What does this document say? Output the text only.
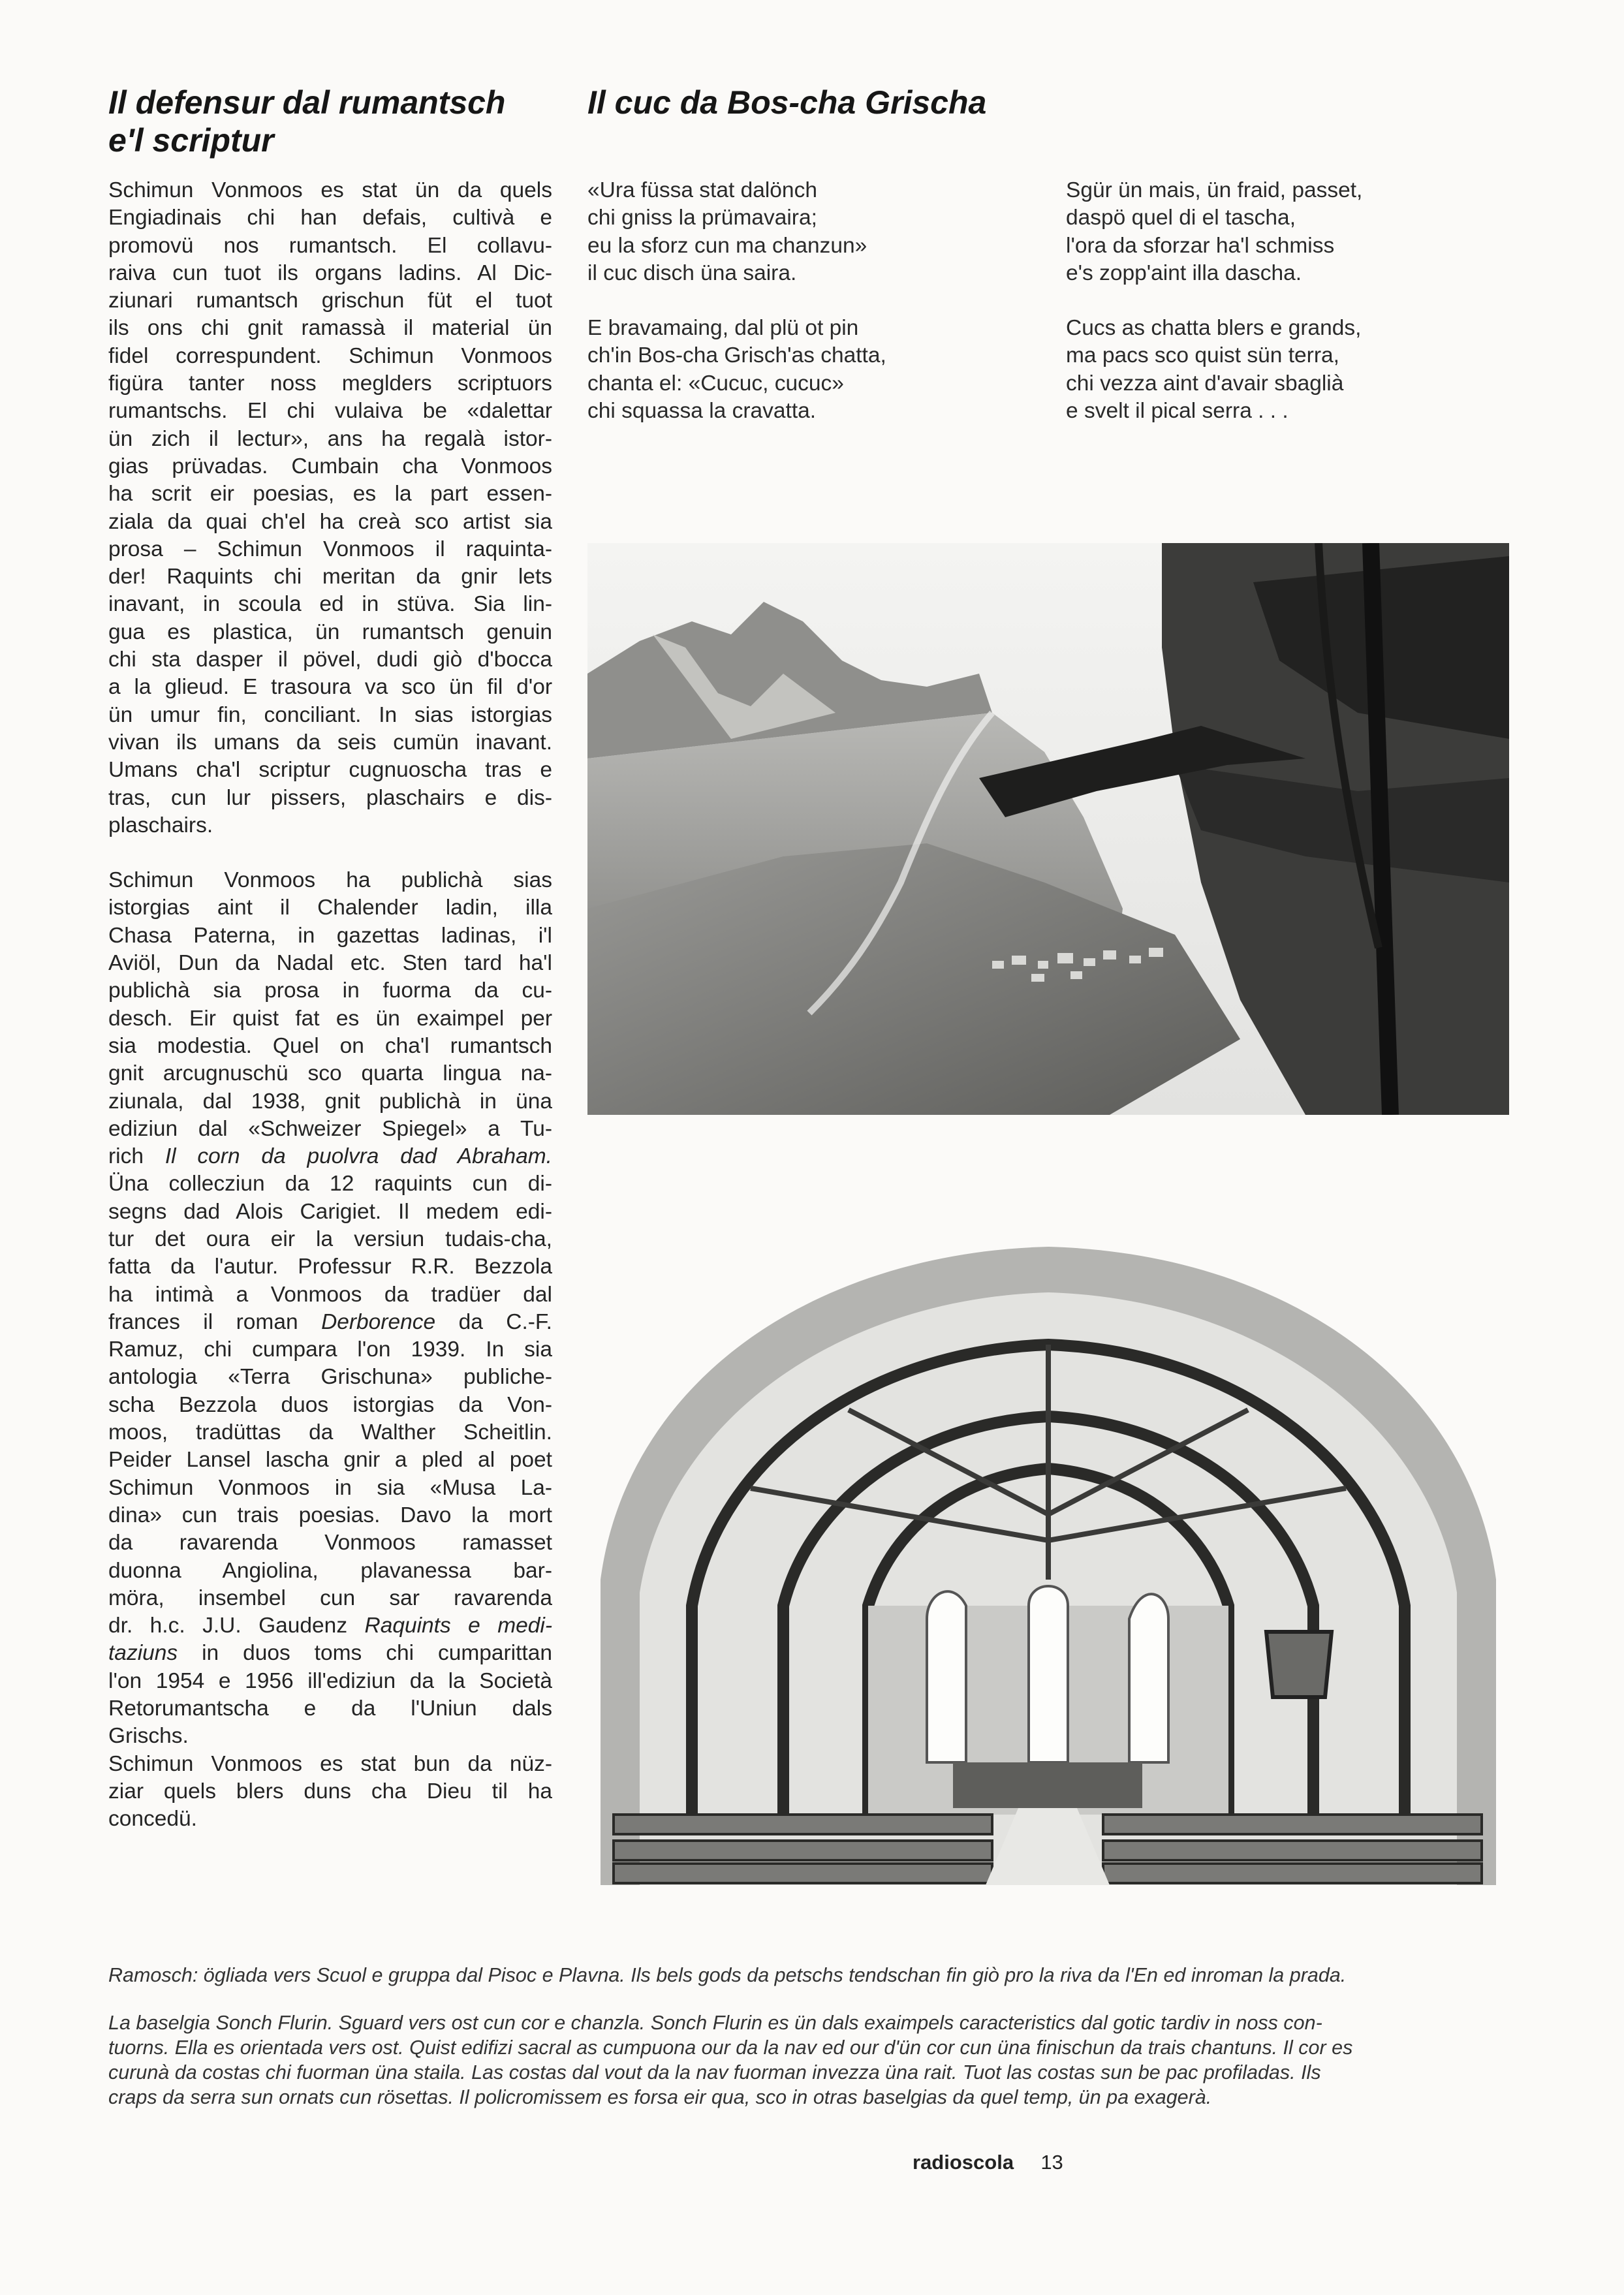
Il defensur dal rumantsch
e'l scriptur
Schimun Vonmoos es stat ün da quels
Engiadinais chi han defais, cultivà e
promovü nos rumantsch. El collavu-
raiva cun tuot ils organs ladins. Al Dic-
ziunari rumantsch grischun füt el tuot
ils ons chi gnit ramassà il material ün
fidel correspundent. Schimun Vonmoos
figüra tanter noss meglders scriptuors
rumantschs. El chi vulaiva be «dalettar
ün zich il lectur», ans ha regalà istor-
gias prüvadas. Cumbain cha Vonmoos
ha scrit eir poesias, es la part essen-
ziala da quai ch'el ha creà sco artist sia
prosa – Schimun Vonmoos il raquinta-
der! Raquints chi meritan da gnir lets
inavant, in scoula ed in stüva. Sia lin-
gua es plastica, ün rumantsch genuin
chi sta dasper il pövel, dudi giò d'bocca
a la glieud. E trasoura va sco ün fil d'or
ün umur fin, conciliant. In sias istorgias
vivan ils umans da seis cumün inavant.
Umans cha'l scriptur cugnuoscha tras e
tras, cun lur pissers, plaschairs e dis-
plaschairs.
Schimun Vonmoos ha publichà sias
istorgias aint il Chalender ladin, illa
Chasa Paterna, in gazettas ladinas, i'l
Aviöl, Dun da Nadal etc. Sten tard ha'l
publichà sia prosa in fuorma da cu-
desch. Eir quist fat es ün exaimpel per
sia modestia. Quel on cha'l rumantsch
gnit arcugnuschü sco quarta lingua na-
ziunala, dal 1938, gnit publichà in üna
ediziun dal «Schweizer Spiegel» a Tu-
rich Il corn da puolvra dad Abraham.
Üna collecziun da 12 raquints cun di-
segns dad Alois Carigiet. Il medem edi-
tur det oura eir la versiun tudais-cha,
fatta da l'autur. Professur R.R. Bezzola
ha intimà a Vonmoos da tradüer dal
frances il roman Derborence da C.-F.
Ramuz, chi cumpara l'on 1939. In sia
antologia «Terra Grischuna» publiche-
scha Bezzola duos istorgias da Von-
moos, tradüttas da Walther Scheitlin.
Peider Lansel lascha gnir a pled al poet
Schimun Vonmoos in sia «Musa La-
dina» cun trais poesias. Davo la mort
da ravarenda Vonmoos ramasset
duonna Angiolina, plavanessa bar-
möra, insembel cun sar ravarenda
dr. h.c. J.U. Gaudenz Raquints e medi-
taziuns in duos toms chi cumparittan
l'on 1954 e 1956 ill'ediziun da la Società
Retorumantscha e da l'Uniun dals
Grischs.
Schimun Vonmoos es stat bun da nüz-
ziar quels blers duns cha Dieu til ha
concedü.
Il cuc da Bos-cha Grischa
«Ura füssa stat dalönch
chi gniss la prümavaira;
eu la sforz cun ma chanzun»
il cuc disch üna saira.
E bravamaing, dal plü ot pin
ch'in Bos-cha Grisch'as chatta,
chanta el: «Cucuc, cucuc»
chi squassa la cravatta.
Sgür ün mais, ün fraid, passet,
daspö quel di el tascha,
l'ora da sforzar ha'l schmiss
e's zopp'aint illa dascha.
Cucs as chatta blers e grands,
ma pacs sco quist sün terra,
chi vezza aint d'avair sbaglià
e svelt il pical serra . . .
Ramosch: ögliada vers Scuol e gruppa dal Pisoc e Plavna. Ils bels gods da petschs tendschan fin giò pro la riva da l'En ed inroman la prada.
La baselgia Sonch Flurin. Sguard vers ost cun cor e chanzla. Sonch Flurin es ün dals exaimpels caracteristics dal gotic tardiv in noss con-
tuorns. Ella es orientada vers ost. Quist edifizi sacral as cumpuona our da la nav ed our d'ün cor cun üna finischun da trais chantuns. Il cor es
curunà da costas chi fuorman üna staila. Las costas dal vout da la nav fuorman invezza üna rait. Tuot las costas sun be pac profiladas. Ils
craps da serra sun ornats cun rösettas. Il policromissem es forsa eir qua, sco in otras baselgias da quel temp, ün pa exagerà.
radioscola 13
